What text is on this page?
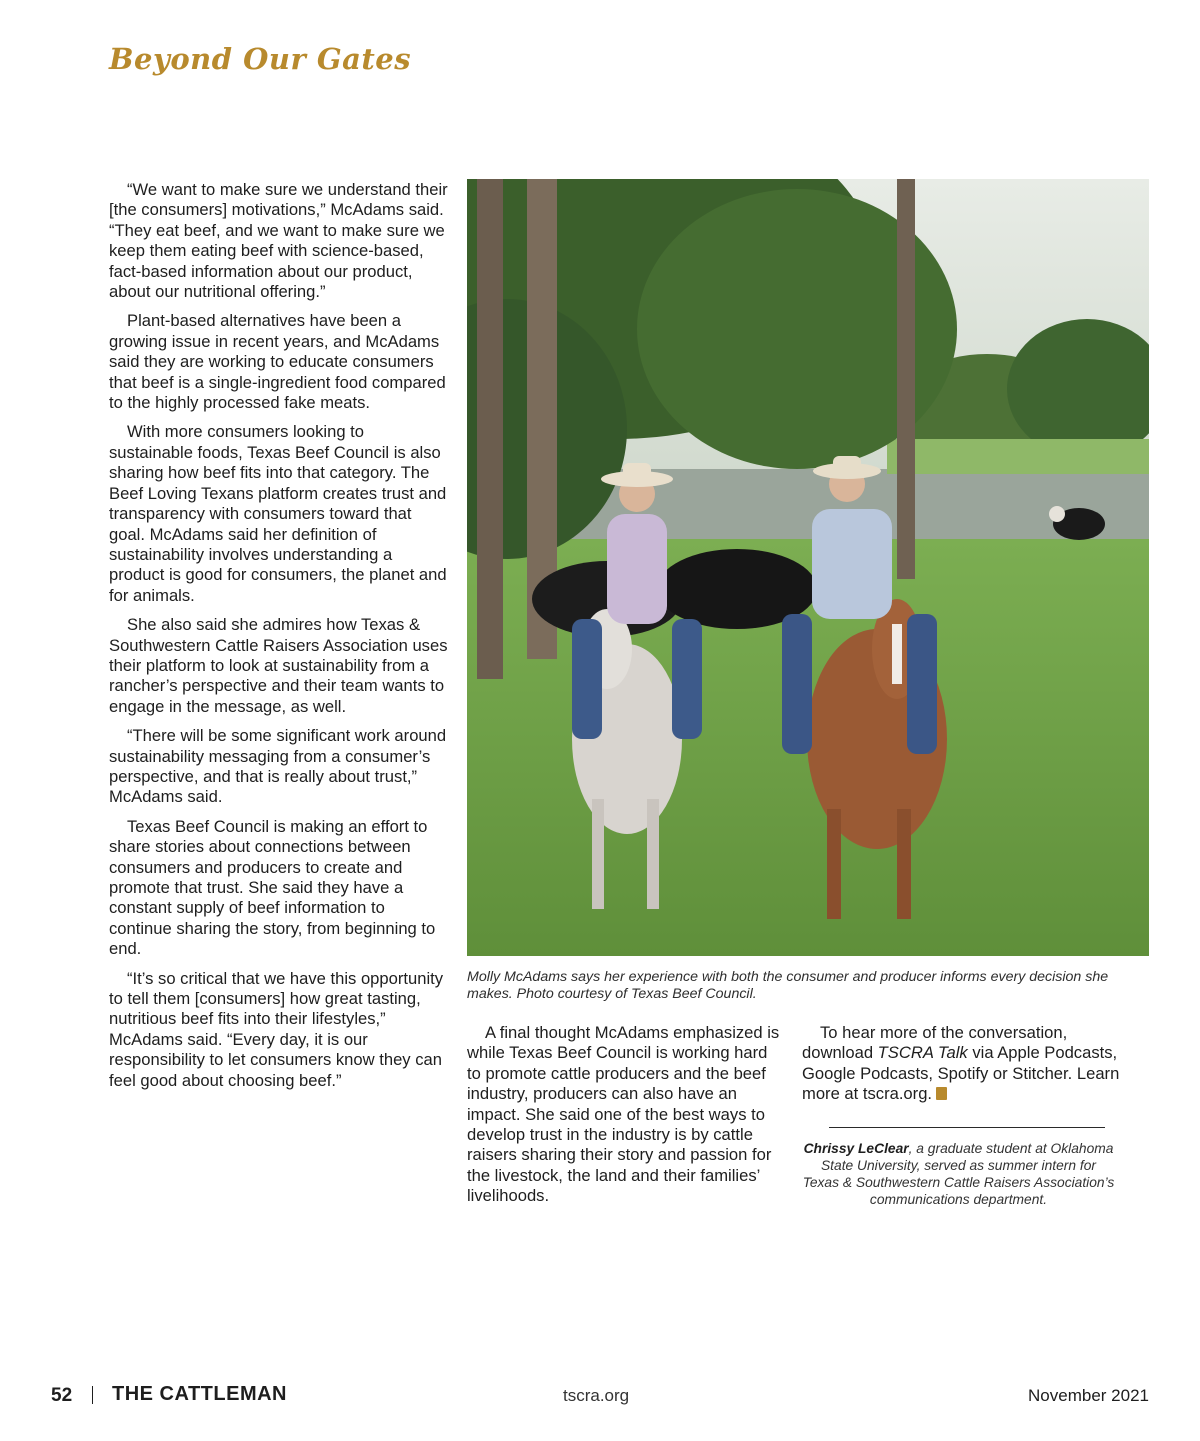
Beyond Our Gates

“We want to make sure we understand their [the consumers] motivations,” McAdams said. “They eat beef, and we want to make sure we keep them eating beef with science-based, fact-based information about our product, about our nutritional offering.”

Plant-based alternatives have been a growing issue in recent years, and McAdams said they are working to educate consumers that beef is a single-ingredient food compared to the highly processed fake meats.

With more consumers looking to sustainable foods, Texas Beef Council is also sharing how beef fits into that category. The Beef Loving Texans platform creates trust and transparency with consumers toward that goal. McAdams said her definition of sustainability involves understanding a product is good for consumers, the planet and for animals.

She also said she admires how Texas & Southwestern Cattle Raisers Association uses their platform to look at sustainability from a rancher’s perspective and their team wants to engage in the message, as well.

“There will be some significant work around sustainability messaging from a consumer’s perspective, and that is really about trust,” McAdams said.

Texas Beef Council is making an effort to share stories about connections between consumers and producers to create and promote that trust. She said they have a constant supply of beef information to continue sharing the story, from beginning to end.

“It’s so critical that we have this opportunity to tell them [consumers] how great tasting, nutritious beef fits into their lifestyles,” McAdams said. “Every day, it is our responsibility to let consumers know they can feel good about choosing beef.”

Molly McAdams says her experience with both the consumer and producer informs every decision she makes. Photo courtesy of Texas Beef Council.

A final thought McAdams emphasized is while Texas Beef Council is working hard to promote cattle producers and the beef industry, producers can also have an impact. She said one of the best ways to develop trust in the industry is by cattle raisers sharing their story and passion for the livestock, the land and their families’ livelihoods.

To hear more of the conversation, download TSCRA Talk via Apple Podcasts, Google Podcasts, Spotify or Stitcher. Learn more at tscra.org.

Chrissy LeClear, a graduate student at Oklahoma State University, served as summer intern for Texas & Southwestern Cattle Raisers Association’s communications department.

52 THE CATTLEMAN	tscra.org	November 2021
